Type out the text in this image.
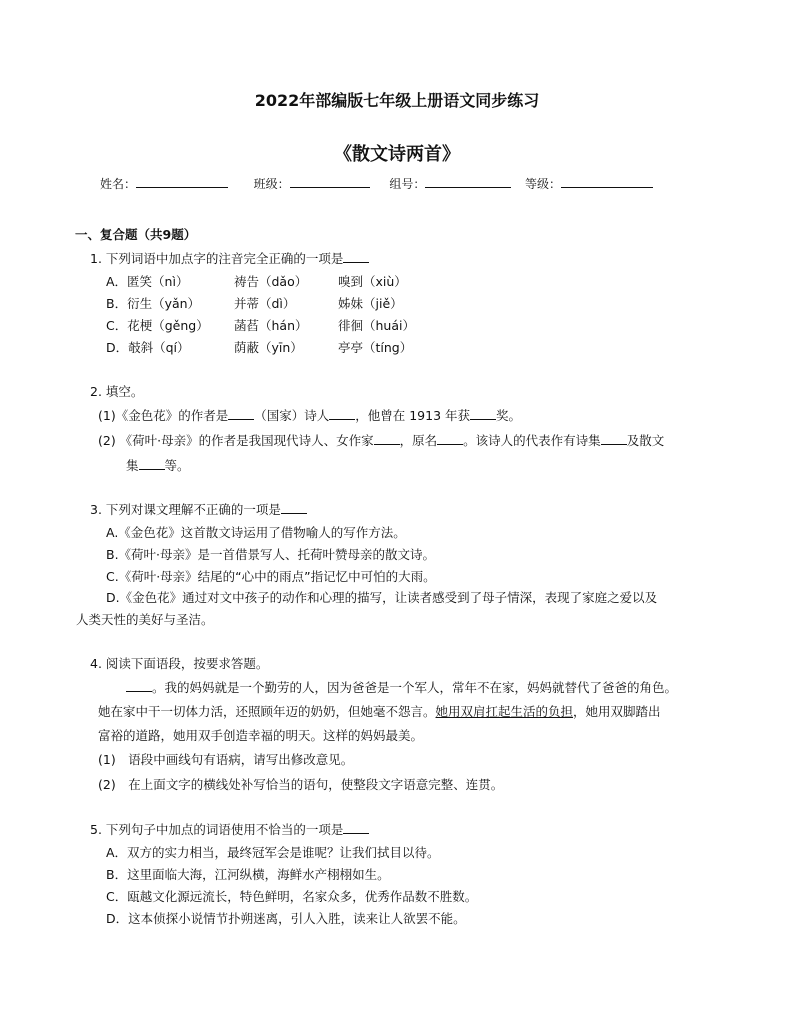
2022年部编版七年级上册语文同步练习
《散文诗两首》
姓名：	班级：	组号：	等级：
一、复合题（共9题）
1. 下列词语中加点字的注音完全正确的一项是
A．匿笑（nì）	祷告（dǎo） 嗅到（xiù）
B．衍生（yǎn）	并蒂（dì）	姊妹（jiě）
C．花梗（gěng） 菡萏（hán） 徘徊（huái）
D．攲斜（qí）	荫蔽（yīn）	亭亭（tíng）
2. 填空。
(1)《金色花》的作者是 （国家）诗人 ，他曾在 1913 年获 奖。
(2) 《荷叶·母亲》的作者是我国现代诗人、女作家 ，原名 。该诗人的代表作有诗集 及散文
集 等。
3. 下列对课文理解不正确的一项是
A.《金色花》这首散文诗运用了借物喻人的写作方法。
B.《荷叶·母亲》是一首借景写人、托荷叶赞母亲的散文诗。
C.《荷叶·母亲》结尾的“心中的雨点”指记忆中可怕的大雨。
D.《金色花》通过对文中孩子的动作和心理的描写，让读者感受到了母子情深，表现了家庭之爱以及
人类天性的美好与圣洁。
4. 阅读下面语段，按要求答题。
。我的妈妈就是一个勤劳的人，因为爸爸是一个军人，常年不在家，妈妈就替代了爸爸的角色。
她在家中干一切体力活，还照顾年迈的奶奶，但她毫不怨言。她用双肩扛起生活的负担，她用双脚踏出
富裕的道路，她用双手创造幸福的明天。这样的妈妈最美。
(1)　语段中画线句有语病，请写出修改意见。
(2)　在上面文字的横线处补写恰当的语句，使整段文字语意完整、连贯。
5. 下列句子中加点的词语使用不恰当的一项是
A．双方的实力相当，最终冠军会是谁呢？让我们拭目以待。
B．这里面临大海，江河纵横，海鲜水产栩栩如生。
C．瓯越文化源远流长，特色鲜明，名家众多，优秀作品数不胜数。
D．这本侦探小说情节扑朔迷离，引人入胜，读来让人欲罢不能。
